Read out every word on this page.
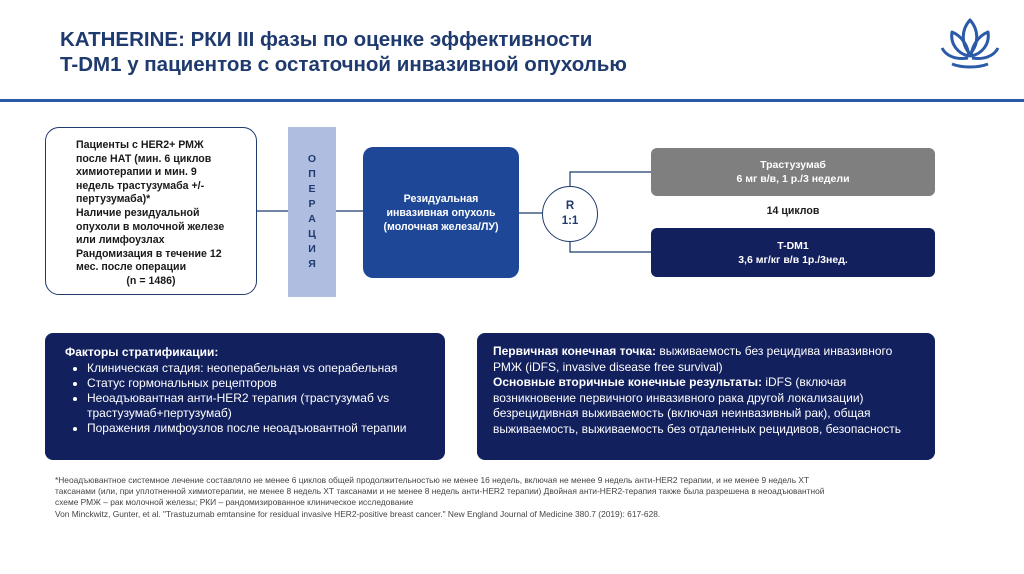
KATHERINE: РКИ III фазы по оценке эффективности
T-DM1 у пациентов с остаточной инвазивной опухолью
Пациенты с HER2+ РМЖ
после НАТ (мин. 6 циклов
химиотерапии и мин. 9
недель трастузумаба +/-
пертузумаба)*
Наличие резидуальной
опухоли в молочной железе
или лимфоузлах
Рандомизация в течение 12
мес. после операции
(n = 1486)
О
П
Е
Р
А
Ц
И
Я
Резидуальная инвазивная опухоль (молочная железа/ЛУ)
R
1:1
Трастузумаб
6 мг в/в, 1 р./3 недели
14 циклов
T-DM1
3,6 мг/кг в/в 1р./3нед.
Факторы стратификации:
• Клиническая стадия: неоперабельная vs операбельная
• Статус гормональных рецепторов
• Неоадъювантная анти-HER2 терапия (трастузумаб vs трастузумаб+пертузумаб)
• Поражения лимфоузлов после неоадъювантной терапии
Первичная конечная точка: выживаемость без рецидива инвазивного РМЖ (iDFS, invasive disease free survival)
Основные вторичные конечные результаты: iDFS (включая возникновение первичного инвазивного рака другой локализации) безрецидивная выживаемость (включая неинвазивный рак), общая выживаемость, выживаемость без отдаленных рецидивов, безопасность
*Неоадъювантное системное лечение составляло не менее 6 циклов общей продолжительностью не менее 16 недель, включая не менее 9 недель анти-HER2 терапии, и не менее 9 недель ХТ
таксанами (или, при уплотненной химиотерапии, не менее 8 недель ХТ таксанами и не менее 8 недель анти-HER2 терапии) Двойная анти-HER2-терапия также была разрешена в неоадъювантной
схеме РМЖ – рак молочной железы; РКИ – рандомизированное клиническое исследование
Von Minckwitz, Gunter, et al. "Trastuzumab emtansine for residual invasive HER2-positive breast cancer." New England Journal of Medicine 380.7 (2019): 617-628.
